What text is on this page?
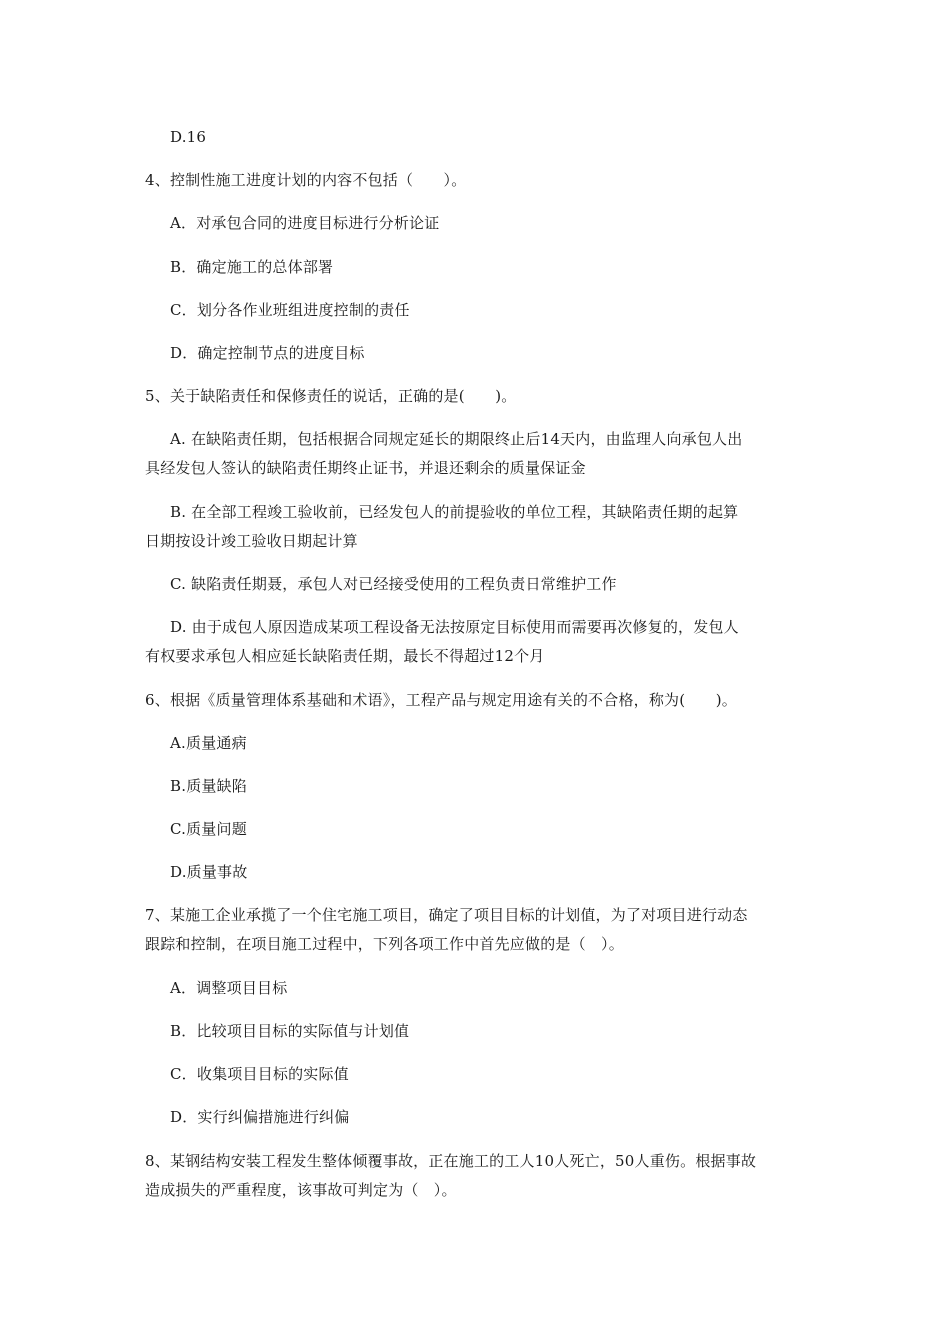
D.16
4、控制性施工进度计划的内容不包括（　　）。
A．对承包合同的进度目标进行分析论证
B．确定施工的总体部署
C．划分各作业班组进度控制的责任
D．确定控制节点的进度目标
5、关于缺陷责任和保修责任的说话，正确的是(　　)。
A. 在缺陷责任期，包括根据合同规定延长的期限终止后14天内，由监理人向承包人出
具经发包人签认的缺陷责任期终止证书，并退还剩余的质量保证金
B. 在全部工程竣工验收前，已经发包人的前提验收的单位工程，其缺陷责任期的起算
日期按设计竣工验收日期起计算
C. 缺陷责任期聂，承包人对已经接受使用的工程负责日常维护工作
D. 由于成包人原因造成某项工程设备无法按原定目标使用而需要再次修复的，发包人
有权要求承包人相应延长缺陷责任期，最长不得超过12个月
6、根据《质量管理体系基础和术语》，工程产品与规定用途有关的不合格，称为(　　)。
A.质量通病
B.质量缺陷
C.质量问题
D.质量事故
7、某施工企业承揽了一个住宅施工项目，确定了项目目标的计划值，为了对项目进行动态
跟踪和控制，在项目施工过程中，下列各项工作中首先应做的是（　）。
A．调整项目目标
B．比较项目目标的实际值与计划值
C．收集项目目标的实际值
D．实行纠偏措施进行纠偏
8、某钢结构安装工程发生整体倾覆事故，正在施工的工人10人死亡，50人重伤。根据事故
造成损失的严重程度，该事故可判定为（　）。
